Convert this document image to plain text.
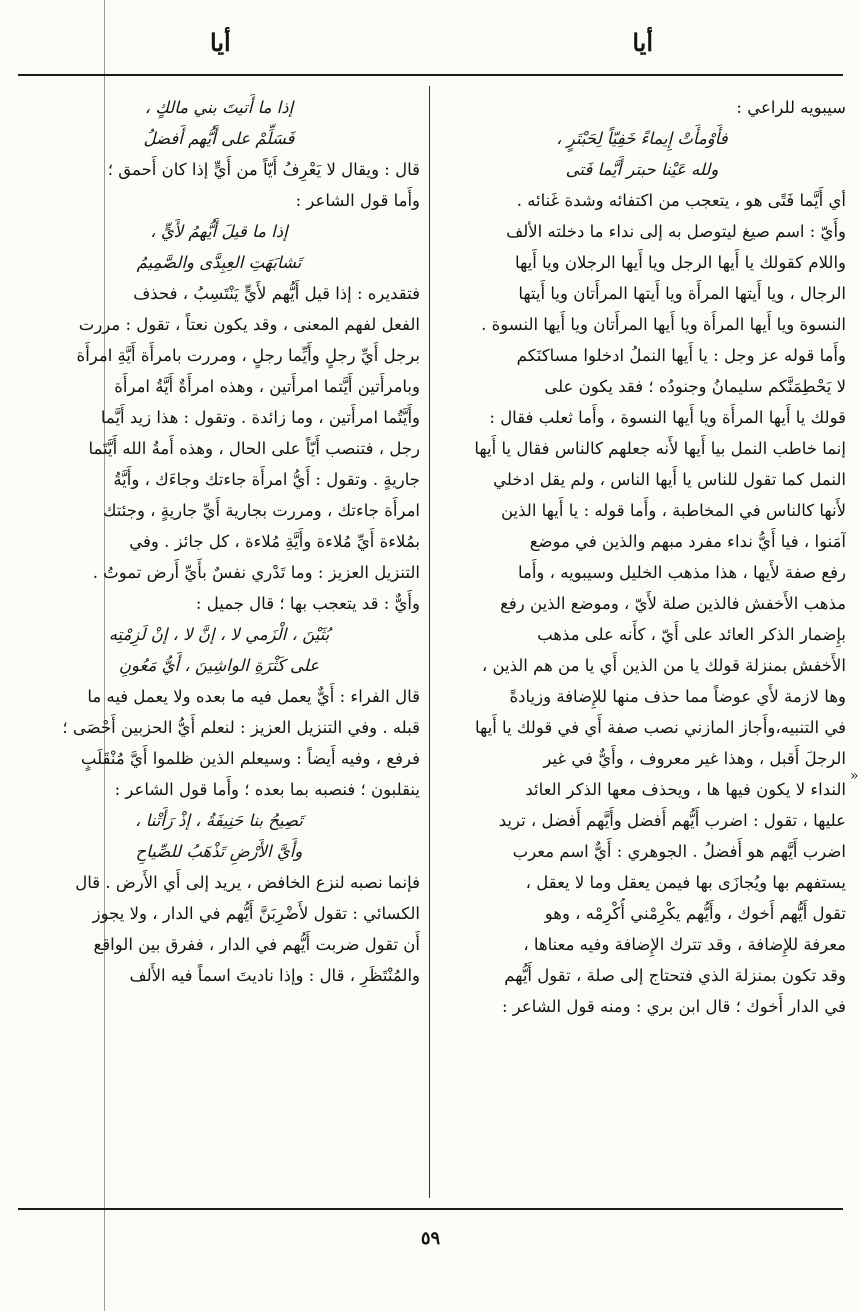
أيا
أيا
سيبويه للراعي :
فأَوْمأَتْ إِيماءً خَفِيّاً لِحَبْتَرٍ ،
ولله عَيْنا حبتر أَيَّما فَتى
أي أَيَّما فَتًى هو ، يتعجب من اكتفائه وشدة غَنائه .
وأَيّ : اسم صيغ ليتوصل به إلى نداء ما دخلته الألف
واللام كقولك يا أَيها الرجل ويا أَيها الرجلان ويا أَيها
الرجال ، ويا أَيتها المرأَة ويا أَيتها المرأَتان ويا أَيتها
النسوة ويا أَيها المرأَة ويا أَيها المرأَتان ويا أَيها النسوة .
وأَما قوله عز وجل : يا أَيها النملُ ادخلوا مساكنَكم
لا يَحْطِمَنَّكم سليمانُ وجنودُه ؛ فقد يكون على
قولك يا أَيها المرأَة ويا أَيها النسوة ، وأَما ثعلب فقال :
إنما خاطب النمل بيا أَيها لأَنه جعلهم كالناس فقال يا أَيها
النمل كما تقول للناس يا أَيها الناس ، ولم يقل ادخلي
لأَنها كالناس في المخاطبة ، وأَما قوله : يا أَيها الذين
آمَنوا ، فيا أَيُّ نداء مفرد مبهم والذين في موضع
رفع صفة لأَيها ، هذا مذهب الخليل وسيبويه ، وأَما
مذهب الأَخفش فالذين صلة لأَيّ ، وموضع الذين رفع
بإِضمار الذكر العائد على أَيّ ، كأَنه على مذهب
الأَخفش بمنزلة قولك يا من الذين أَي يا من هم الذين ،
وها لازمة لأَي عوضاً مما حذف منها للإِضافة وزيادةً
في التنبيه،وأَجاز المازني نصب صفة أَي في قولك يا أَيها
الرجلَ أَقبل ، وهذا غير معروف ، وأَيٌّ في غير
النداء لا يكون فيها ها ، ويحذف معها الذكر العائد
عليها ، تقول : اضرب أَيُّهم أَفضل وأَيَّهم أَفضل ، تريد
اضرب أَيَّهم هو أَفضلُ . الجوهري : أَيٌّ اسم معرب
يستفهم بها ويُجازَى بها فيمن يعقل وما لا يعقل ،
تقول أَيُّهم أَخوك ، وأَيُّهم يكْرِمْني أُكْرِمْه ، وهو
معرفة للإِضافة ، وقد تترك الإِضافة وفيه معناها ،
وقد تكون بمنزلة الذي فتحتاج إلى صلة ، تقول أَيُّهم
في الدار أَخوك ؛ قال ابن بري : ومنه قول الشاعر :
إذا ما أَتيتَ بني مالكٍ ،
فَسَلِّمْ على أَيُّهم أَفضلُ
قال : ويقال لا يَعْرِفُ أَيّاً من أَيٍّ إذا كان أَحمق ؛
وأَما قول الشاعر :
إذا ما قيلَ أَيُّهمُ لأَيٍّ ،
تَشابَهَتِ العِبِدَّى والصَّمِيمُ
فتقديره : إذا قيل أَيُّهم لأَيٍّ يَنْتَسِبُ ، فحذف
الفعل لفهم المعنى ، وقد يكون نعتاً ، تقول : مررت
برجل أَيِّ رجلٍ وأَيِّما رجلٍ ، ومررت بامرأَة أَيَّةِ امرأَة
وبامرأَتين أَيَّتما امرأَتين ، وهذه امرأَةٌ أَيَّةُ امرأَة
وأَيَّتُما امرأَتين ، وما زائدة . وتقول : هذا زيد أَيَّما
رجل ، فتنصب أَيّاً على الحال ، وهذه أَمةُ الله أَيَّتَما
جاريةٍ . وتقول : أَيُّ امرأَة جاءتك وجاءَك ، وأَيَّةُ
امرأَة جاءتك ، ومررت بجارية أَيِّ جاريةٍ ، وجئتك
بمُلاءة أَيِّ مُلاءة وأَيَّةِ مُلاءة ، كل جائز . وفي
التنزيل العزيز : وما تَدْري نفسٌ بأَيِّ أَرض تموتُ .
وأَيٌّ : قد يتعجب بها ؛ قال جميل :
بُثَيْنَ ، الْزَمي لا ، إنَّ لا ، إنْ لَزِمْتِه
على كَثْرَةِ الواشِينَ ، أَيُّ مَعُونِ
قال الفراء : أَيٌّ يعمل فيه ما بعده ولا يعمل فيه ما
قبله . وفي التنزيل العزيز : لنعلم أَيُّ الحزبين أَحْصَى ؛
فرفع ، وفيه أَيضاً : وسيعلم الذين ظلموا أَيَّ مُنْقَلَبٍ
ينقلبون ؛ فنصبه بما بعده ؛ وأَما قول الشاعر :
تَصِيحُ بنا حَنِيفَةُ ، إذْ رَأَتْنا ،
وأَيَّ الأَرْضِ تَذْهَبُ للصِّياحِ
فإنما نصبه لنزع الخافض ، يريد إلى أَي الأَرض . قال
الكسائي : تقول لأَضْرِبَنَّ أَيُّهم في الدار ، ولا يجوز
أَن تقول ضربت أَيُّهم في الدار ، ففرق بين الواقع
والمُنْتَظَرِ ، قال : وإذا ناديتَ اسماً فيه الأَلف
»
٥٩
